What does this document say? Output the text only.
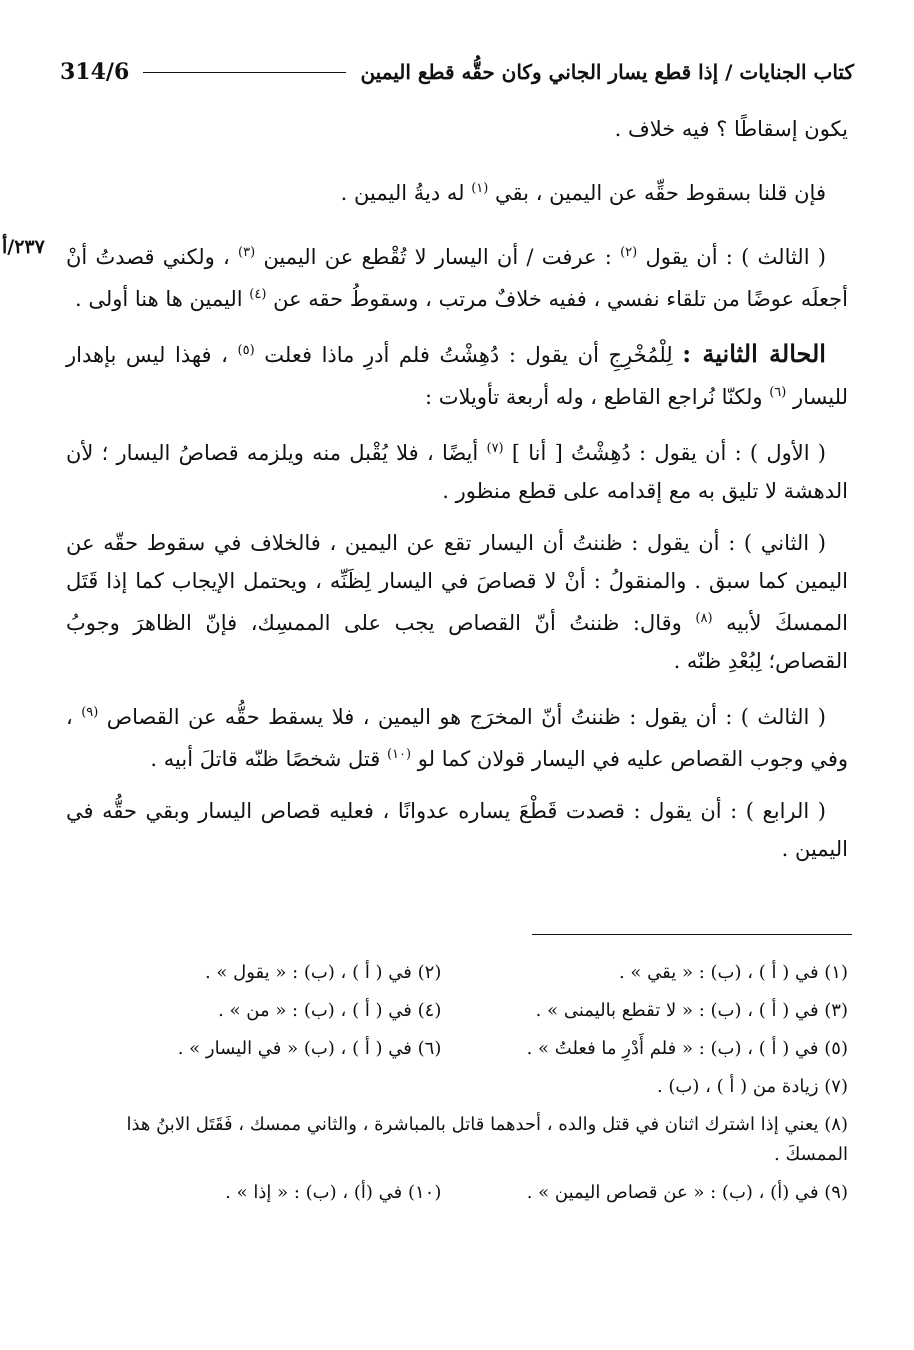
كتاب الجنايات / إذا قطع يسار الجاني وكان حقُّه قطع اليمين
314/6
٢٣٧/أ

يكون إسقاطًا ؟ فيه خلاف .

فإن قلنا بسقوط حقِّه عن اليمين ، بقي $^{(١)}$ له ديةُ اليمين .

( الثالث ) : أن يقول $^{(٢)}$ : عرفت / أن اليسار لا تُقْطع عن اليمين $^{(٣)}$ ، ولكني قصدتُ أنْ أجعلَه عوضًا من تلقاء نفسي ، ففيه خلافٌ مرتب ، وسقوطُ حقه عن $^{(٤)}$ اليمين ها هنا أولى .

الحالة الثانية : لِلْمُخْرِجِ أن يقول : دُهِشْتُ فلم أدرِ ماذا فعلت $^{(٥)}$ ، فهذا ليس بإهدار لليسار $^{(٦)}$ ولكنّا نُراجع القاطع ، وله أربعة تأويلات :

( الأول ) : أن يقول : دُهِشْتُ [ أنا ] $^{(٧)}$ أيضًا ، فلا يُقْبل منه ويلزمه قصاصُ اليسار ؛ لأن الدهشة لا تليق به مع إقدامه على قطع منظور .

( الثاني ) : أن يقول : ظننتُ أن اليسار تقع عن اليمين ، فالخلاف في سقوط حقّه عن اليمين كما سبق . والمنقولُ : أنْ لا قصاصَ في اليسار لِظَنِّه ، ويحتمل الإيجاب كما إذا قَتَل الممسكَ لأبيه $^{(٨)}$ وقال: ظننتُ أنّ القصاص يجب على الممسِك، فإنّ الظاهرَ وجوبُ القصاص؛ لِبُعْدِ ظنّه .

( الثالث ) : أن يقول : ظننتُ أنّ المخرَج هو اليمين ، فلا يسقط حقُّه عن القصاص $^{(٩)}$ ، وفي وجوب القصاص عليه في اليسار قولان كما لو $^{(١٠)}$ قتل شخصًا ظنّه قاتلَ أبيه .

( الرابع ) : أن يقول : قصدت قَطْعَ يساره عدوانًا ، فعليه قصاص اليسار وبقي حقُّه في اليمين .

(١) في ( أ ) ، (ب) : « يقي » .
(٢) في ( أ ) ، (ب) : « يقول » .
(٣) في ( أ ) ، (ب) : « لا تقطع باليمنى » .
(٤) في ( أ ) ، (ب) : « من » .
(٥) في ( أ ) ، (ب) : « فلم أَدْرِ ما فعلتُ » .
(٦) في ( أ ) ، (ب) « في اليسار » .
(٧) زيادة من ( أ ) ، (ب) .
(٨) يعني إذا اشترك اثنان في قتل والده ، أحدهما قاتل بالمباشرة ، والثاني ممسك ، فَقَتَل الابنُ هذا الممسكَ .
(٩) في (أ) ، (ب) : « عن قصاص اليمين » .
(١٠) في (أ) ، (ب) : « إذا » .
